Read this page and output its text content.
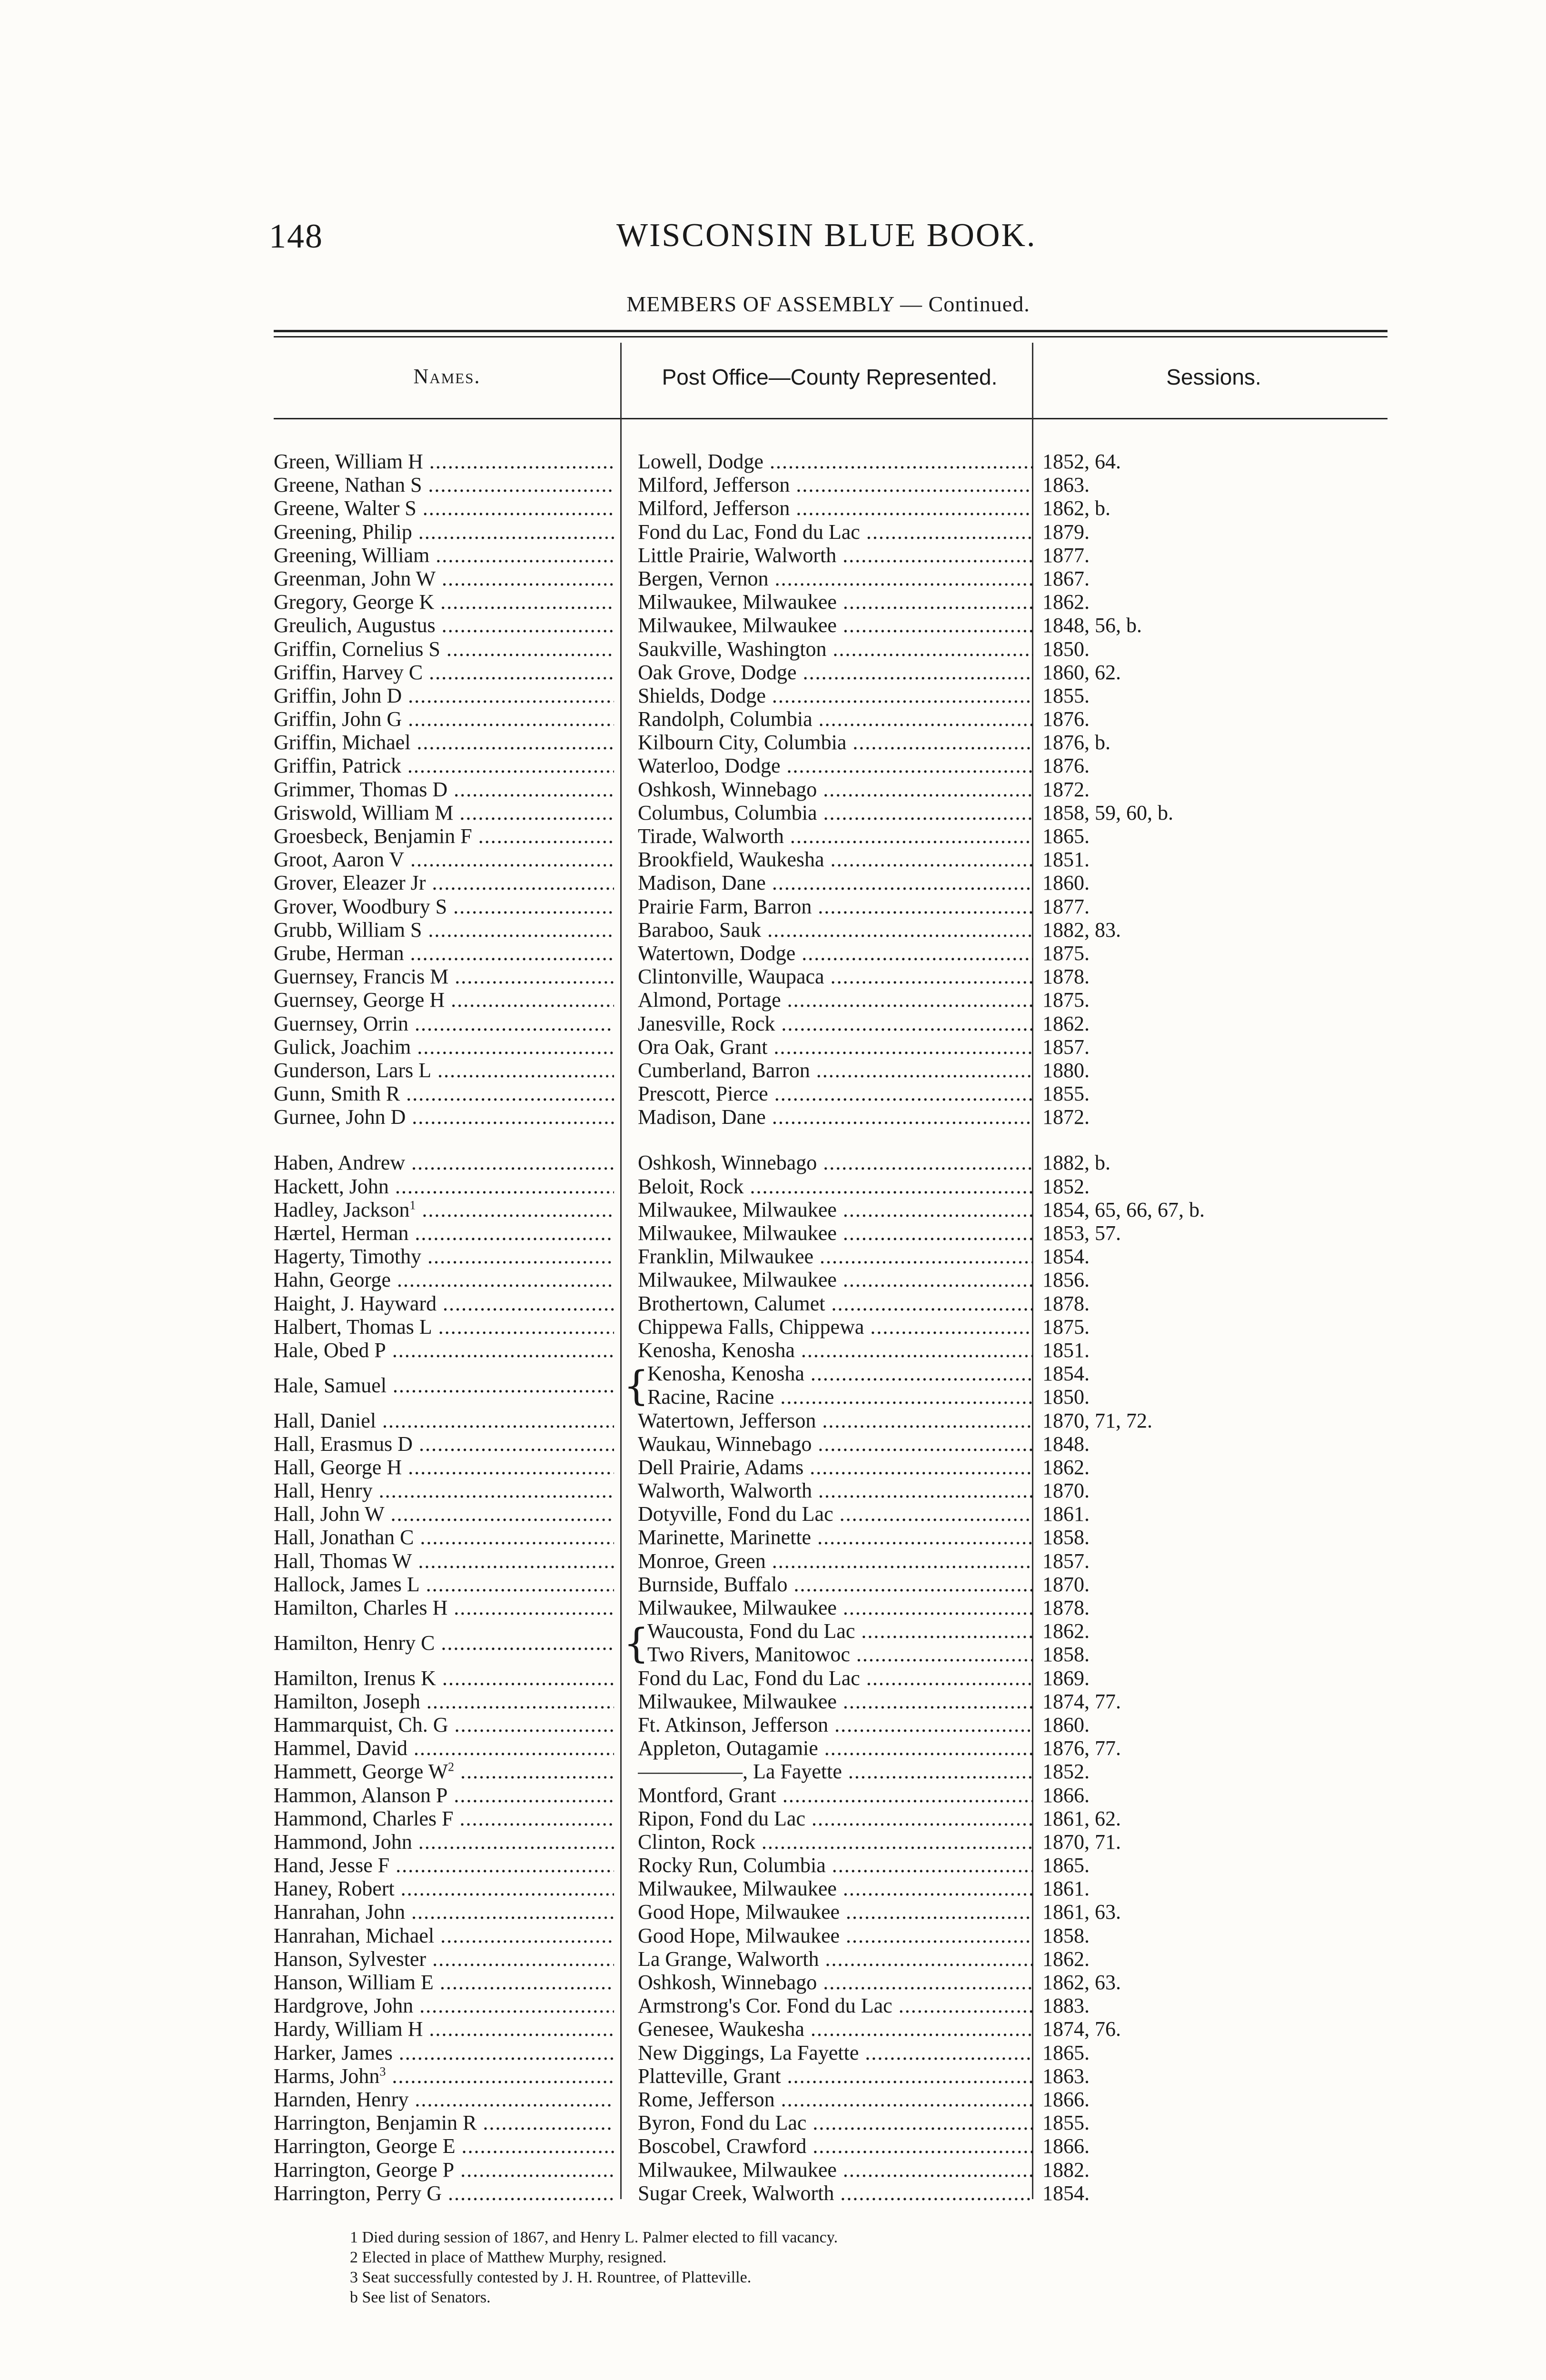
148	WISCONSIN BLUE BOOK.
MEMBERS OF ASSEMBLY — Continued.
Names.	Post Office—County Represented.	Sessions.
Green, William H .....	Lowell, Dodge .....	1852, 64.
Greene, Nathan S .....	Milford, Jefferson .....	1863.
Greene, Walter S .....	Milford, Jefferson .....	1862, b.
Greening, Philip .....	Fond du Lac, Fond du Lac .....	1879.
Greening, William .....	Little Prairie, Walworth .....	1877.
Greenman, John W .....	Bergen, Vernon .....	1867.
Gregory, George K .....	Milwaukee, Milwaukee .....	1862.
Greulich, Augustus .....	Milwaukee, Milwaukee .....	1848, 56, b.
Griffin, Cornelius S .....	Saukville, Washington .....	1850.
Griffin, Harvey C .....	Oak Grove, Dodge .....	1860, 62.
Griffin, John D .....	Shields, Dodge .....	1855.
Griffin, John G .....	Randolph, Columbia .....	1876.
Griffin, Michael .....	Kilbourn City, Columbia .....	1876, b.
Griffin, Patrick .....	Waterloo, Dodge .....	1876.
Grimmer, Thomas D .....	Oshkosh, Winnebago .....	1872.
Griswold, William M .....	Columbus, Columbia .....	1858, 59, 60, b.
Groesbeck, Benjamin F .....	Tirade, Walworth .....	1865.
Groot, Aaron V .....	Brookfield, Waukesha .....	1851.
Grover, Eleazer Jr .....	Madison, Dane .....	1860.
Grover, Woodbury S .....	Prairie Farm, Barron .....	1877.
Grubb, William S .....	Baraboo, Sauk .....	1882, 83.
Grube, Herman .....	Watertown, Dodge .....	1875.
Guernsey, Francis M .....	Clintonville, Waupaca .....	1878.
Guernsey, George H .....	Almond, Portage .....	1875.
Guernsey, Orrin .....	Janesville, Rock .....	1862.
Gulick, Joachim .....	Ora Oak, Grant .....	1857.
Gunderson, Lars L .....	Cumberland, Barron .....	1880.
Gunn, Smith R .....	Prescott, Pierce .....	1855.
Gurnee, John D .....	Madison, Dane .....	1872.
Haben, Andrew .....	Oshkosh, Winnebago .....	1882, b.
Hackett, John .....	Beloit, Rock .....	1852.
Hadley, Jackson$^1$ .....	Milwaukee, Milwaukee .....	1854, 65, 66, 67, b.
Hærtel, Herman .....	Milwaukee, Milwaukee .....	1853, 57.
Hagerty, Timothy .....	Franklin, Milwaukee .....	1854.
Hahn, George .....	Milwaukee, Milwaukee .....	1856.
Haight, J. Hayward .....	Brothertown, Calumet .....	1878.
Halbert, Thomas L .....	Chippewa Falls, Chippewa .....	1875.
Hale, Obed P .....	Kenosha, Kenosha .....	1851.
Hale, Samuel .....	{
Kenosha, Kenosha .....	1854.
Racine, Racine .....	1850.
Hall, Daniel .....	Watertown, Jefferson .....	1870, 71, 72.
Hall, Erasmus D .....	Waukau, Winnebago .....	1848.
Hall, George H .....	Dell Prairie, Adams .....	1862.
Hall, Henry .....	Walworth, Walworth .....	1870.
Hall, John W .....	Dotyville, Fond du Lac .....	1861.
Hall, Jonathan C .....	Marinette, Marinette .....	1858.
Hall, Thomas W .....	Monroe, Green .....	1857.
Hallock, James L .....	Burnside, Buffalo .....	1870.
Hamilton, Charles H .....	Milwaukee, Milwaukee .....	1878.
Hamilton, Henry C .....	{
Waucousta, Fond du Lac .....	1862.
Two Rivers, Manitowoc .....	1858.
Hamilton, Irenus K .....	Fond du Lac, Fond du Lac .....	1869.
Hamilton, Joseph .....	Milwaukee, Milwaukee .....	1874, 77.
Hammarquist, Ch. G .....	Ft. Atkinson, Jefferson .....	1860.
Hammel, David .....	Appleton, Outagamie .....	1876, 77.
Hammett, George $W^2$ .....	—————, La Fayette .....	1852.
Hammon, Alanson P .....	Montford, Grant .....	1866.
Hammond, Charles F .....	Ripon, Fond du Lac .....	1861, 62.
Hammond, John .....	Clinton, Rock .....	1870, 71.
Hand, Jesse F .....	Rocky Run, Columbia .....	1865.
Haney, Robert .....	Milwaukee, Milwaukee .....	1861.
Hanrahan, John .....	Good Hope, Milwaukee .....	1861, 63.
Hanrahan, Michael .....	Good Hope, Milwaukee .....	1858.
Hanson, Sylvester .....	La Grange, Walworth .....	1862.
Hanson, William E .....	Oshkosh, Winnebago .....	1862, 63.
Hardgrove, John .....	Armstrong's Cor. Fond du Lac .....	1883.
Hardy, William H .....	Genesee, Waukesha .....	1874, 76.
Harker, James .....	New Diggings, La Fayette .....	1865.
Harms, John$^3$ .....	Platteville, Grant .....	1863.
Harnden, Henry .....	Rome, Jefferson .....	1866.
Harrington, Benjamin R .....	Byron, Fond du Lac .....	1855.
Harrington, George E .....	Boscobel, Crawford .....	1866.
Harrington, George P .....	Milwaukee, Milwaukee .....	1882.
Harrington, Perry G .....	Sugar Creek, Walworth .....	1854.
1 Died during session of 1867, and Henry L. Palmer elected to fill vacancy.
2 Elected in place of Matthew Murphy, resigned.
3 Seat successfully contested by J. H. Rountree, of Platteville.
b See list of Senators.
